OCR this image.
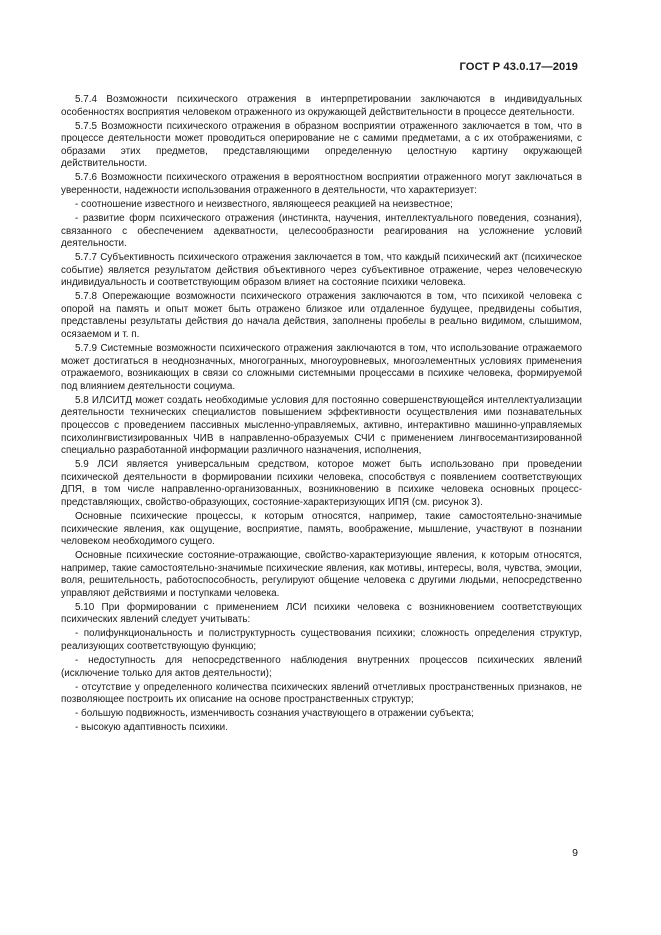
ГОСТ Р 43.0.17—2019

5.7.4 Возможности психического отражения в интерпретировании заключаются в индивидуальных особенностях восприятия человеком отраженного из окружающей действительности в процессе деятельности.

5.7.5 Возможности психического отражения в образном восприятии отраженного заключается в том, что в процессе деятельности может проводиться оперирование не с самими предметами, а с их отображениями, с образами этих предметов, представляющими определенную целостную картину окружающей действительности.

5.7.6 Возможности психического отражения в вероятностном восприятии отраженного могут заключаться в уверенности, надежности использования отраженного в деятельности, что характеризует:

- соотношение известного и неизвестного, являющееся реакцией на неизвестное;

- развитие форм психического отражения (инстинкта, научения, интеллектуального поведения, сознания), связанного с обеспечением адекватности, целесообразности реагирования на усложнение условий деятельности.

5.7.7 Субъективность психического отражения заключается в том, что каждый психический акт (психическое событие) является результатом действия объективного через субъективное отражение, через человеческую индивидуальность и соответствующим образом влияет на состояние психики человека.

5.7.8 Опережающие возможности психического отражения заключаются в том, что психикой человека с опорой на память и опыт может быть отражено близкое или отдаленное будущее, предвидены события, представлены результаты действия до начала действия, заполнены пробелы в реально видимом, слышимом, осязаемом и т. п.

5.7.9 Системные возможности психического отражения заключаются в том, что использование отражаемого может достигаться в неоднозначных, многогранных, многоуровневых, многоэлементных условиях применения отражаемого, возникающих в связи со сложными системными процессами в психике человека, формируемой под влиянием деятельности социума.

5.8 ИЛСИТД может создать необходимые условия для постоянно совершенствующейся интеллектуализации деятельности технических специалистов повышением эффективности осуществления ими познавательных процессов с проведением пассивных мысленно-управляемых, активно, интерактивно машинно-управляемых психолингвистизированных ЧИВ в направленно-образуемых СЧИ с применением лингвосемантизированной специально разработанной информации различного назначения, исполнения,

5.9 ЛСИ является универсальным средством, которое может быть использовано при проведении психической деятельности в формировании психики человека, способствуя с появлением соответствующих ДПЯ, в том числе направленно-организованных, возникновению в психике человека основных процесс-представляющих, свойство-образующих, состояние-характеризующих ИПЯ (см. рисунок 3).

Основные психические процессы, к которым относятся, например, такие самостоятельно-значимые психические явления, как ощущение, восприятие, память, воображение, мышление, участвуют в познании человеком необходимого сущего.

Основные психические состояние-отражающие, свойство-характеризующие явления, к которым относятся, например, такие самостоятельно-значимые психические явления, как мотивы, интересы, воля, чувства, эмоции, воля, решительность, работоспособность, регулируют общение человека с другими людьми, непосредственно управляют действиями и поступками человека.

5.10 При формировании с применением ЛСИ психики человека с возникновением соответствующих психических явлений следует учитывать:

- полифункциональность и полиструктурность существования психики; сложность определения структур, реализующих соответствующую функцию;

- недоступность для непосредственного наблюдения внутренних процессов психических явлений (исключение только для актов деятельности);

- отсутствие у определенного количества психических явлений отчетливых пространственных признаков, не позволяющее построить их описание на основе пространственных структур;

- большую подвижность, изменчивость сознания участвующего в отражении субъекта;

- высокую адаптивность психики.

9
